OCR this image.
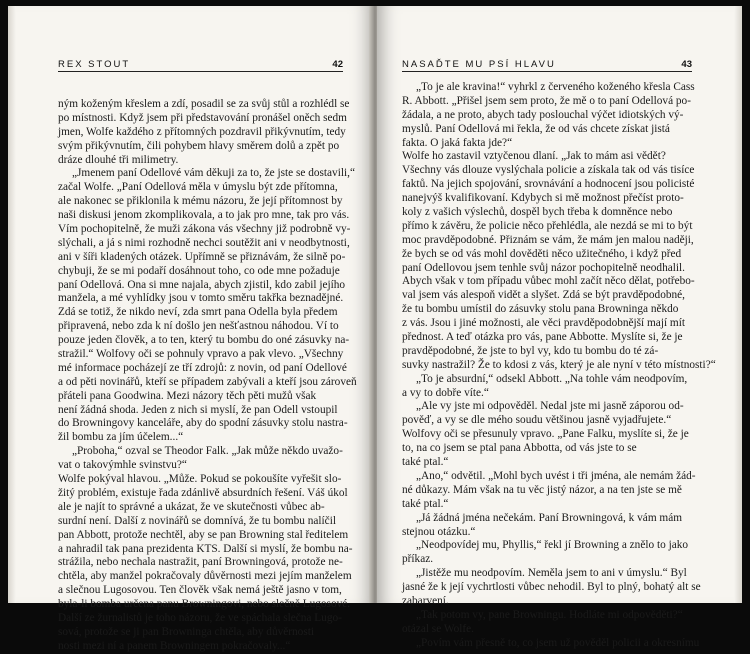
REX STOUT	42
ným koženým křeslem a zdí, posadil se za svůj stůl a rozhlédl se
po místnosti. Když jsem při představování pronášel oněch sedm
jmen, Wolfe každého z přítomných pozdravil přikývnutím, tedy
svým přikývnutím, čili pohybem hlavy směrem dolů a zpět po
dráze dlouhé tři milimetry.
„Jmenem paní Odellové vám děkuji za to, že jste se dostavili,“
začal Wolfe. „Paní Odellová měla v úmyslu být zde přítomna,
ale nakonec se přiklonila k mému názoru, že její přítomnost by
naši diskusi jenom zkomplikovala, a to jak pro mne, tak pro vás.
Vím pochopitelně, že muži zákona vás všechny již podrobně vy-
slýchali, a já s nimi rozhodně nechci soutěžit ani v neodbytnosti,
ani v šíři kladených otázek. Upřímně se přiznávám, že silně po-
chybuji, že se mi podaří dosáhnout toho, co ode mne požaduje
paní Odellová. Ona si mne najala, abych zjistil, kdo zabil jejího
manžela, a mé vyhlídky jsou v tomto směru takřka beznadějné.
Zdá se totiž, že nikdo neví, zda smrt pana Odella byla předem
připravená, nebo zda k ní došlo jen nešťastnou náhodou. Ví to
pouze jeden člověk, a to ten, který tu bombu do oné zásuvky na-
stražil.“ Wolfovy oči se pohnuly vpravo a pak vlevo. „Všechny
mé informace pocházejí ze tří zdrojů: z novin, od paní Odellové
a od pěti novinářů, kteří se případem zabývali a kteří jsou zároveň
přáteli pana Goodwina. Mezi názory těch pěti mužů však
není žádná shoda. Jeden z nich si myslí, že pan Odell vstoupil
do Browningovy kanceláře, aby do spodní zásuvky stolu nastra-
žil bombu za jím účelem...“
„Proboha,“ ozval se Theodor Falk. „Jak může někdo uvažo-
vat o takovýmhle svinstvu?“
Wolfe pokýval hlavou. „Může. Pokud se pokoušíte vyřešit slo-
žitý problém, existuje řada zdánlivě absurdních řešení. Váš úkol
ale je najít to správné a ukázat, že ve skutečnosti vůbec ab-
surdní není. Další z novinářů se domnívá, že tu bombu nalíčil
pan Abbott, protože nechtěl, aby se pan Browning stal ředitelem
a nahradil tak pana prezidenta KTS. Další si myslí, že bombu na-
strážila, nebo nechala nastražit, paní Browningová, protože ne-
chtěla, aby manžel pokračovaly důvěrnosti mezi jejím manželem
a slečnou Lugosovou. Ten člověk však nemá ještě jasno v tom,
byla-li bomba určena panu Browningovi, nebo slečně Lugosové.
Další ze žurnalistů je toho názoru, že ve spáchala slečna Lugo-
sová, protože se ji pan Browninga chtěla, aby důvěrnosti
nosti mezi ní a panem Browningem pokračovaly...“
NASAĎTE MU PSÍ HLAVU	43
„To je ale kravina!“ vyhrkl z červeného koženého křesla Cass
R. Abbott. „Přišel jsem sem proto, že mě o to paní Odellová po-
žádala, a ne proto, abych tady poslouchal výčet idiotských vý-
myslů. Paní Odellová mi řekla, že od vás chcete získat jistá
fakta. O jaká fakta jde?“
Wolfe ho zastavil vztyčenou dlaní. „Jak to mám asi vědět?
Všechny vás dlouze vyslýchala policie a získala tak od vás tisíce
faktů. Na jejich spojování, srovnávání a hodnocení jsou policisté
nanejvýš kvalifikovaní. Kdybych si mě možnost přečíst proto-
koly z vašich výslechů, dospěl bych třeba k domněnce nebo
přímo k závěru, že policie něco přehlédla, ale nezdá se mi to být
moc pravděpodobné. Přiznám se vám, že mám jen malou naději,
že bych se od vás mohl dověděti něco užitečného, i když před
paní Odellovou jsem tenhle svůj názor pochopitelně neodhalil.
Abych však v tom případu vůbec mohl začít něco dělat, potřebo-
val jsem vás alespoň vidět a slyšet. Zdá se být pravděpodobné,
že tu bombu umístil do zásuvky stolu pana Browninga někdo
z vás. Jsou i jiné možnosti, ale věci pravděpodobnější mají mít
přednost. A teď otázka pro vás, pane Abbotte. Myslíte si, že je
pravděpodobné, že jste to byl vy, kdo tu bombu do té zá-
suvky nastražil? Že to kdosi z vás, který je ale nyní v této místnosti?“
„To je absurdní,“ odsekl Abbott. „Na tohle vám neodpovím,
a vy to dobře víte.“
„Ale vy jste mi odpověděl. Nedal jste mi jasně záporou od-
pověď, a vy se dle mého soudu většinou jasně vyjadřujete.“
Wolfovy oči se přesunuly vpravo. „Pane Falku, myslíte si, že je
to, na co jsem se ptal pana Abbotta, od vás jste to se
také ptal.“
„Ano,“ odvětil. „Mohl bych uvést i tři jména, ale nemám žád-
né důkazy. Mám však na tu věc jistý názor, a na ten jste se mě
také ptal.“
„Já žádná jména nečekám. Paní Browningová, k vám mám
stejnou otázku.“
„Neodpovídej mu, Phyllis,“ řekl jí Browning a znělo to jako
příkaz.
„Jistěže mu neodpovím. Neměla jsem to ani v úmyslu.“ Byl
jasné že k její vychrtlosti vůbec nehodil. Byl to plný, bohatý alt se
zabarvení.
„Tak potom vy, pane Browningu. Hodláte mi odpověděti?“
otázal se Wolfe.
„Povím vám přesně to, co jsem už pověděl policii a okresnímu
